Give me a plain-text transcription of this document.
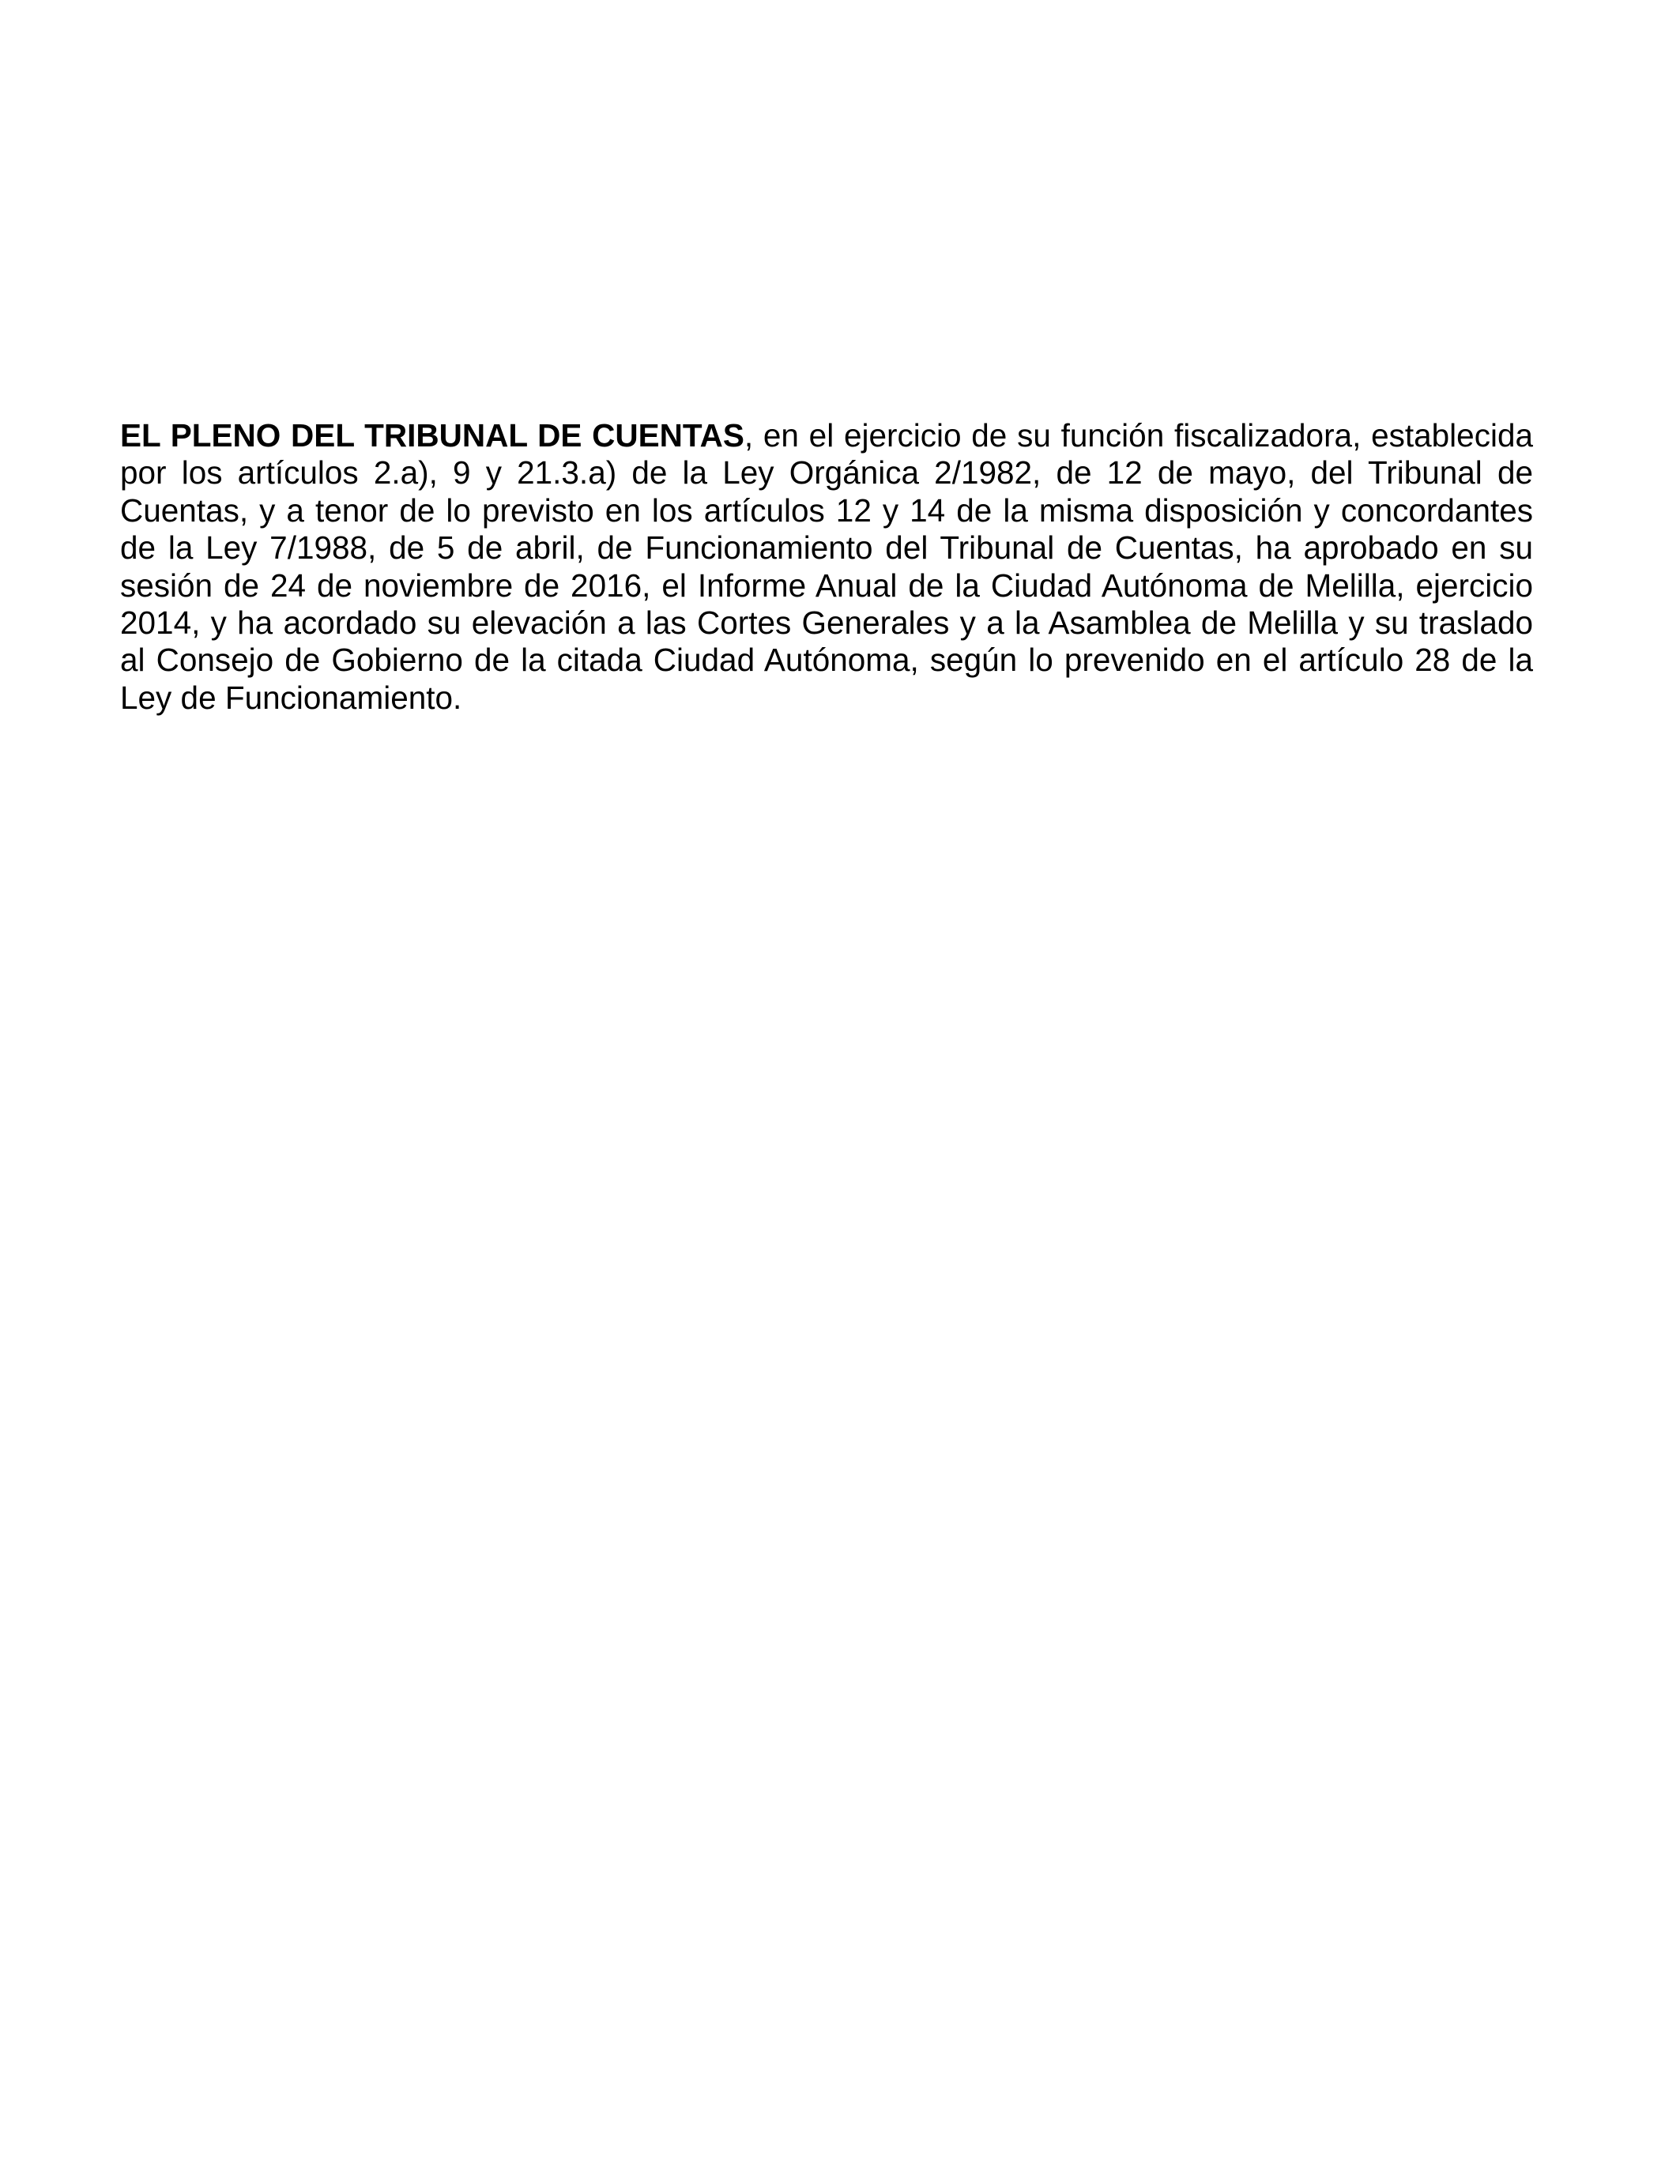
EL PLENO DEL TRIBUNAL DE CUENTAS, en el ejercicio de su función fiscalizadora, establecida por los artículos 2.a), 9 y 21.3.a) de la Ley Orgánica 2/1982, de 12 de mayo, del Tribunal de Cuentas, y a tenor de lo previsto en los artículos 12 y 14 de la misma disposición y concordantes de la Ley 7/1988, de 5 de abril, de Funcionamiento del Tribunal de Cuentas, ha aprobado en su sesión de 24 de noviembre de 2016, el Informe Anual de la Ciudad Autónoma de Melilla, ejercicio 2014, y ha acordado su elevación a las Cortes Generales y a la Asamblea de Melilla y su traslado al Consejo de Gobierno de la citada Ciudad Autónoma, según lo prevenido en el artículo 28 de la Ley de Funcionamiento.
